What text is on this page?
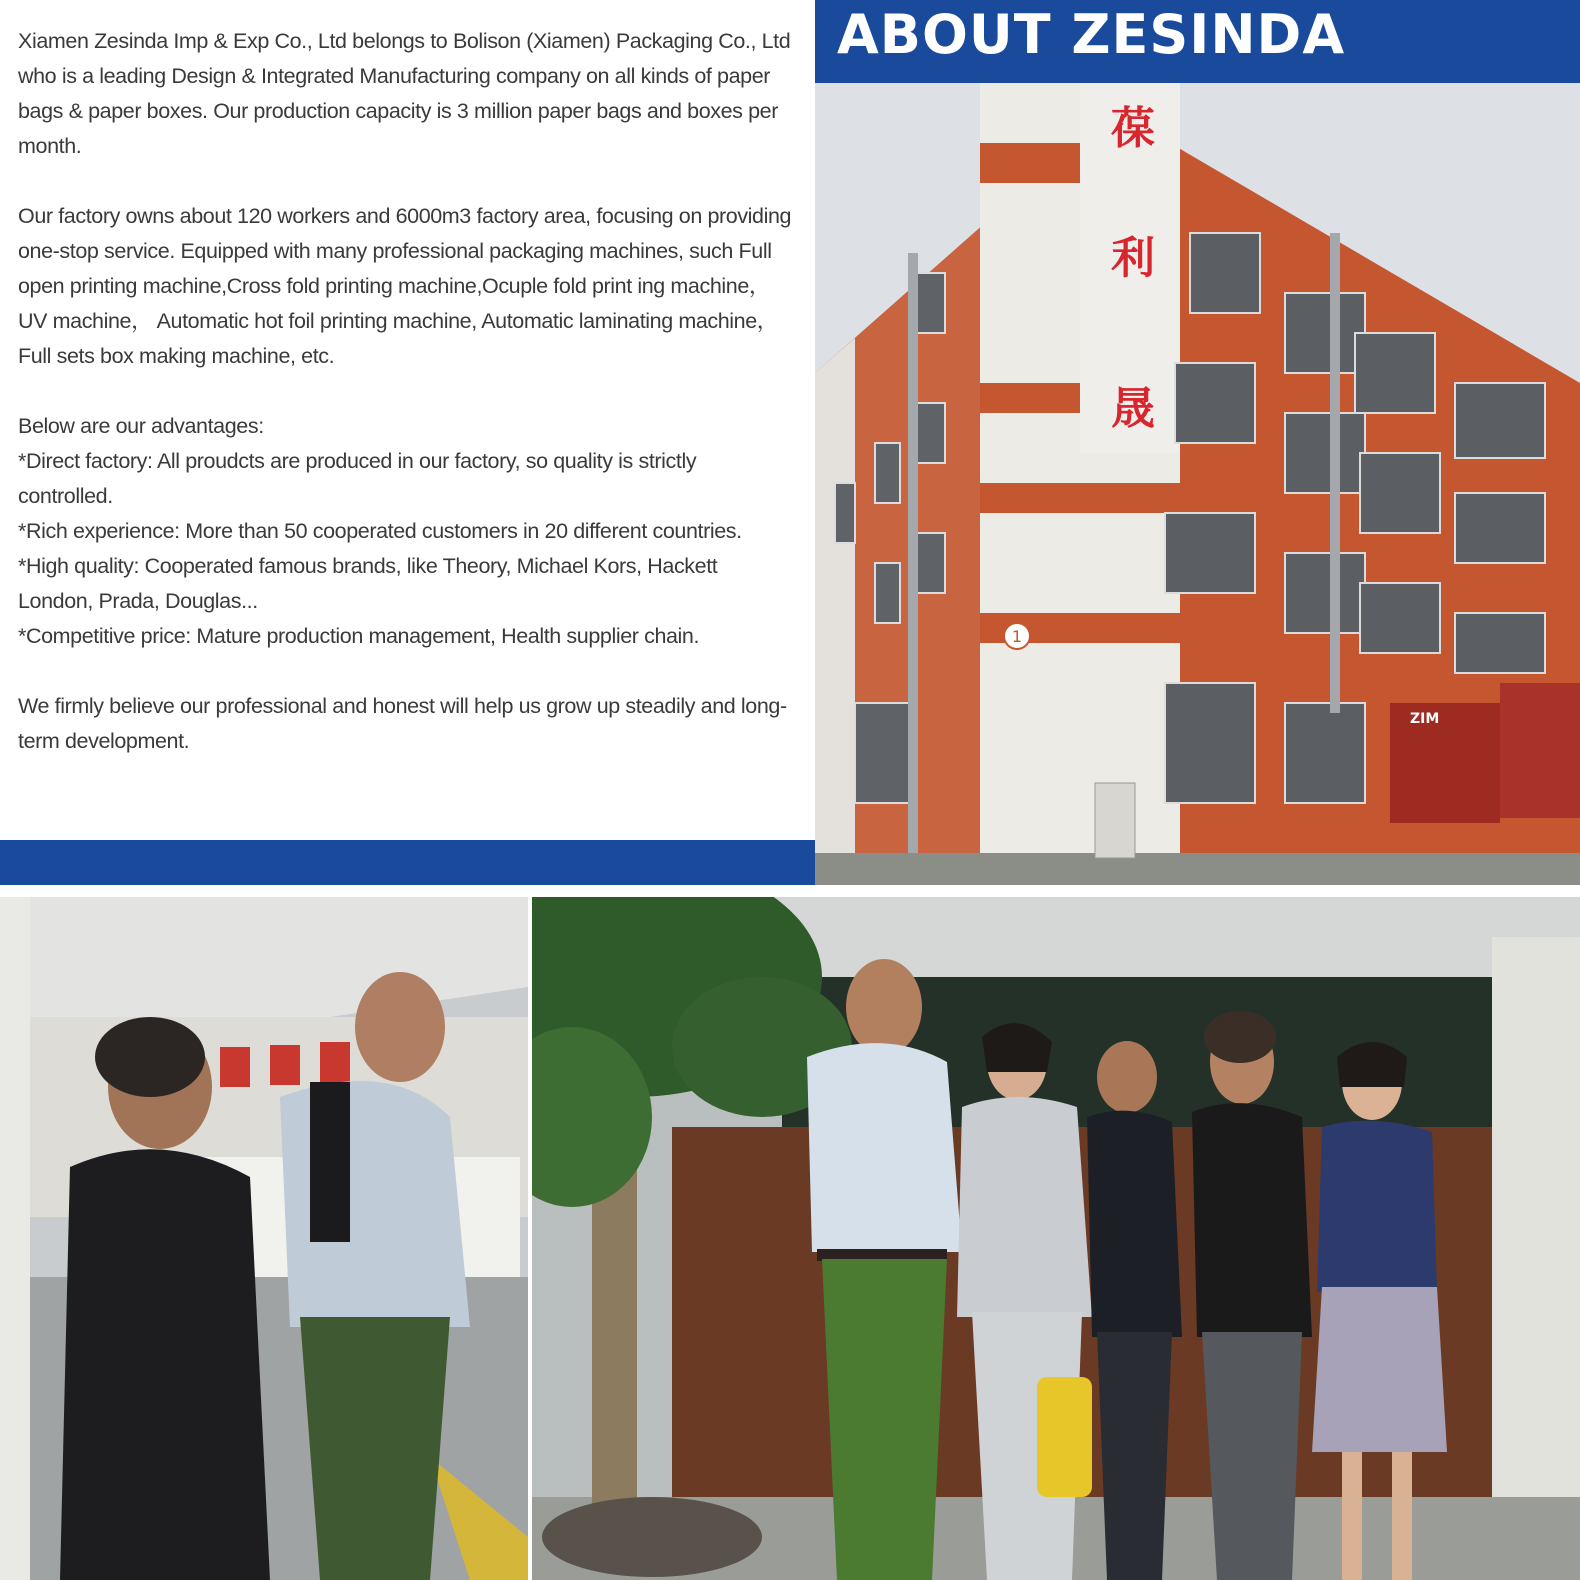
Xiamen Zesinda Imp & Exp Co., Ltd belongs to Bolison (Xiamen) Packaging Co., Ltd who is a leading Design & Integrated Manufacturing company on all kinds of paper bags & paper boxes. Our production capacity is 3 million paper bags and boxes per month.

Our factory owns about 120 workers and 6000m3 factory area, focusing on providing one-stop service. Equipped with many professional packaging machines, such Full open printing machine,Cross fold printing machine,Ocuple fold print ing machine， UV machine， Automatic hot foil printing machine, Automatic laminating machine， Full sets box making machine, etc.

Below are our advantages:

*Direct factory: All proudcts are produced in our factory, so quality is strictly controlled.
*Rich experience: More than 50 cooperated customers in 20 different countries.
*High quality: Cooperated famous brands, like Theory, Michael Kors, Hackett London, Prada, Douglas...
*Competitive price: Mature production management, Health supplier chain.

We firmly believe our professional and honest will help us grow up steadily and long-term development.

ABOUT ZESINDA
1
ZIM
葆
利
晟
